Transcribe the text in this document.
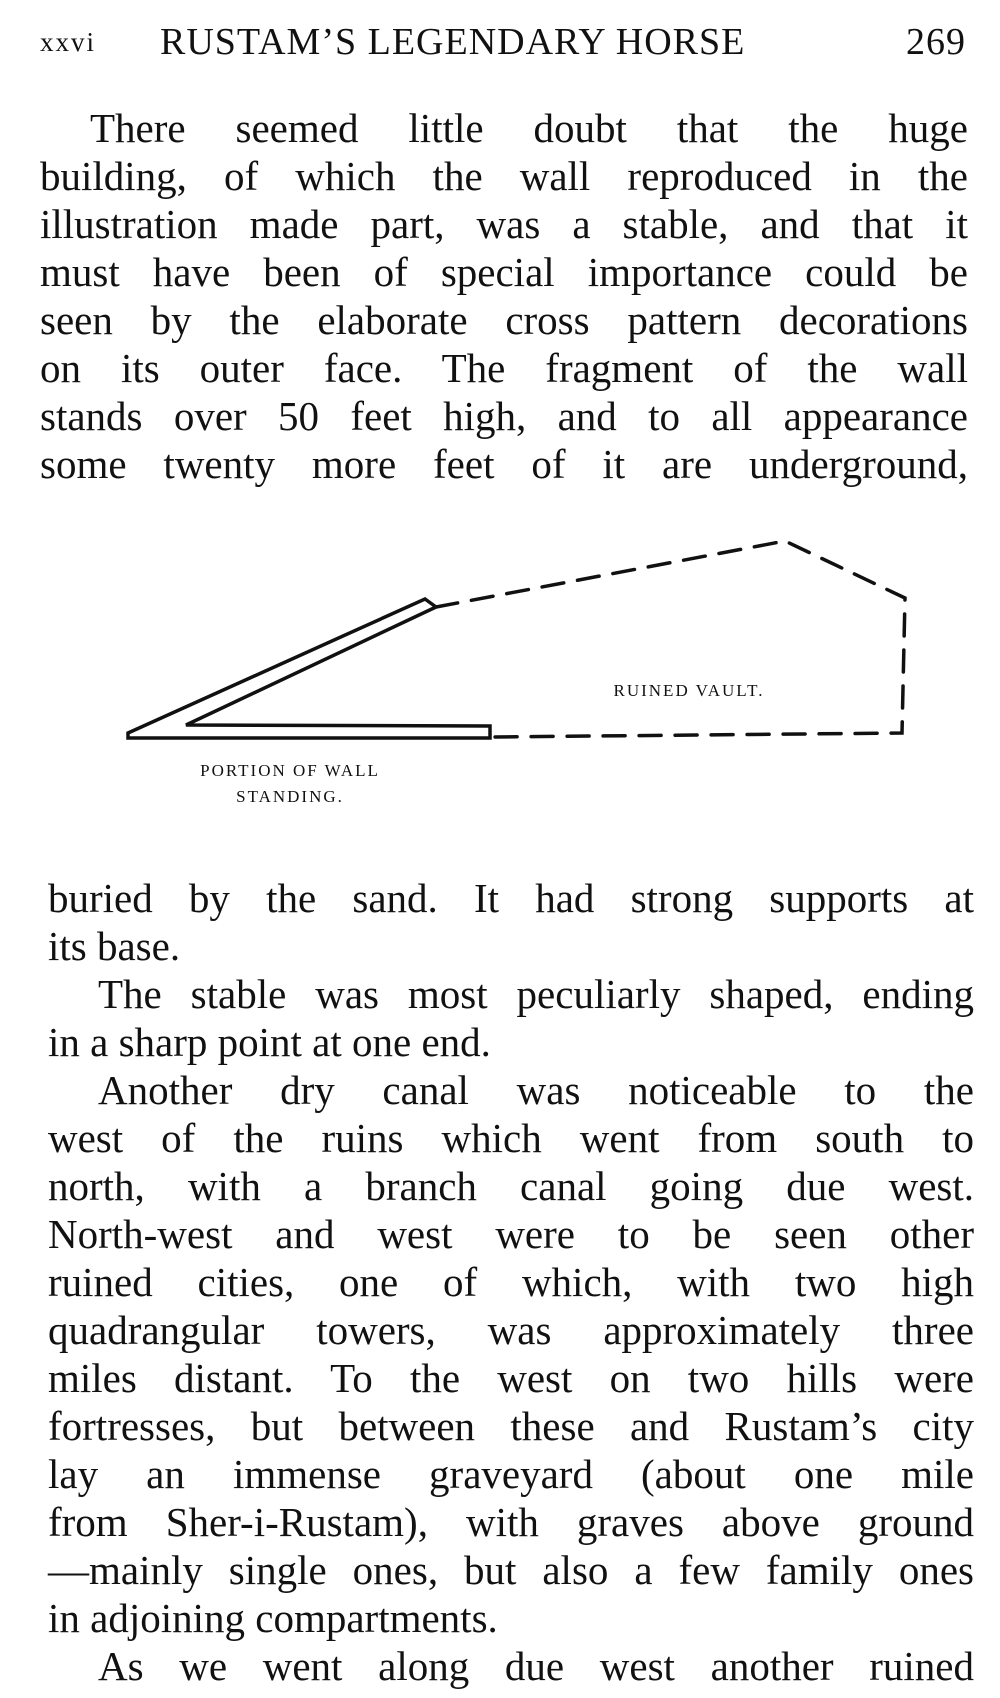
xxvi RUSTAM’S LEGENDARY HORSE	269
There seemed little doubt that the huge
building, of which the wall reproduced in the
illustration made part, was a stable, and that it
must have been of special importance could be
seen by the elaborate cross pattern decorations
on its outer face. The fragment of the wall
stands over 50 feet high, and to all appearance
some twenty more feet of it are underground,
RUINED VAULT.
PORTION OF WALL
STANDING.
buried by the sand. It had strong supports at
its base.
The stable was most peculiarly shaped, ending
in a sharp point at one end.
Another dry canal was noticeable to the
west of the ruins which went from south to
north, with a branch canal going due west.
North-west and west were to be seen other
ruined cities, one of which, with two high
quadrangular towers, was approximately three
miles distant. To the west on two hills were
fortresses, but between these and Rustam’s city
lay an immense graveyard (about one mile
from Sher-i-Rustam), with graves above ground
—mainly single ones, but also a few family ones
in adjoining compartments.
As we went along due west another ruined
